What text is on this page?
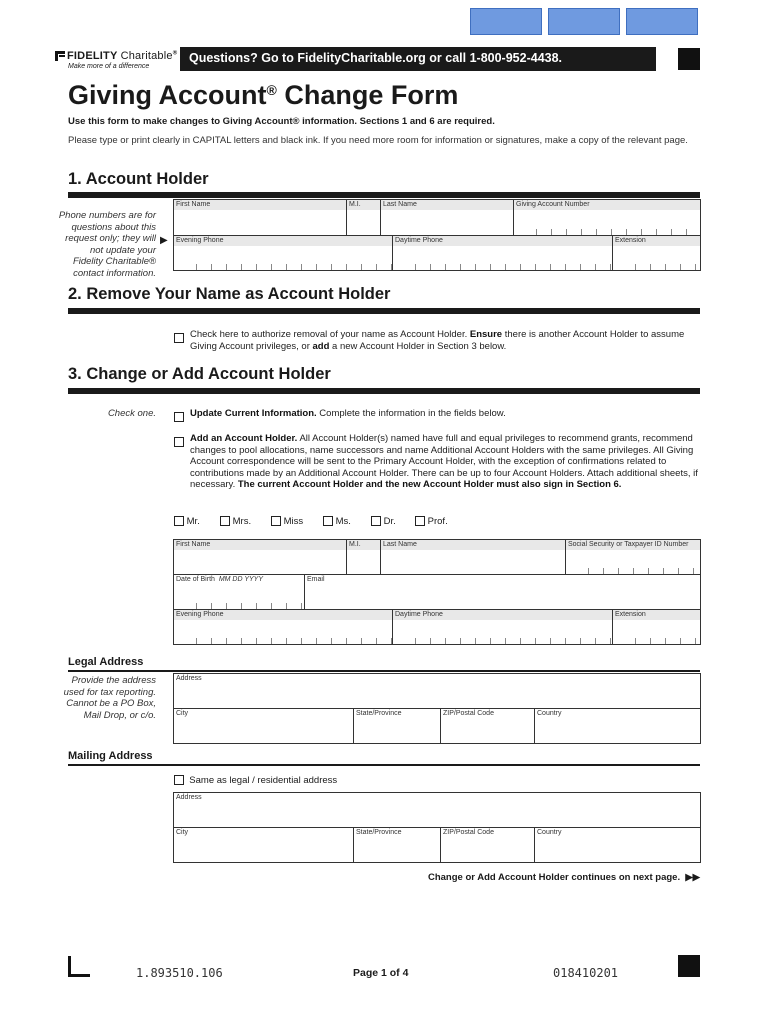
FIDELITY Charitable®
Make more of a difference
Questions? Go to FidelityCharitable.org or call 1-800-952-4438.
Giving Account® Change Form
Use this form to make changes to Giving Account® information. Sections 1 and 6 are required.
Please type or print clearly in CAPITAL letters and black ink. If you need more room for information or signatures, make a copy of the relevant page.
1. Account Holder
Phone numbers are for questions about this request only; they will not update your Fidelity Charitable® contact information.
▶
First Name	M.I.	Last Name	Giving Account Number
Evening Phone	Daytime Phone	Extension
2. Remove Your Name as Account Holder
Check here to authorize removal of your name as Account Holder. Ensure there is another Account Holder to assume Giving Account privileges, or add a new Account Holder in Section 3 below.
3. Change or Add Account Holder
Check one.	Update Current Information. Complete the information in the fields below.
Add an Account Holder. All Account Holder(s) named have full and equal privileges to recommend grants, recommend changes to pool allocations, name successors and name Additional Account Holders with the same privileges. All Giving Account correspondence will be sent to the Primary Account Holder, with the exception of confirmations related to contributions made by an Additional Account Holder. There can be up to four Account Holders. Attach additional sheets, if necessary. The current Account Holder and the new Account Holder must also sign in Section 6.
Mr.	Mrs.	Miss	Ms.	Dr.	Prof.
First Name	M.I.	Last Name	Social Security or Taxpayer ID Number
Date of Birth MM DD YYYY	Email
Evening Phone	Daytime Phone	Extension
Legal Address
Provide the address used for tax reporting. Cannot be a PO Box, Mail Drop, or c/o.
Address
City	State/Province	ZIP/Postal Code	Country
Mailing Address
Same as legal / residential address
Address
City	State/Province	ZIP/Postal Code	Country
Change or Add Account Holder continues on next page. ▶▶
1.893510.106	Page 1 of 4	018410201
